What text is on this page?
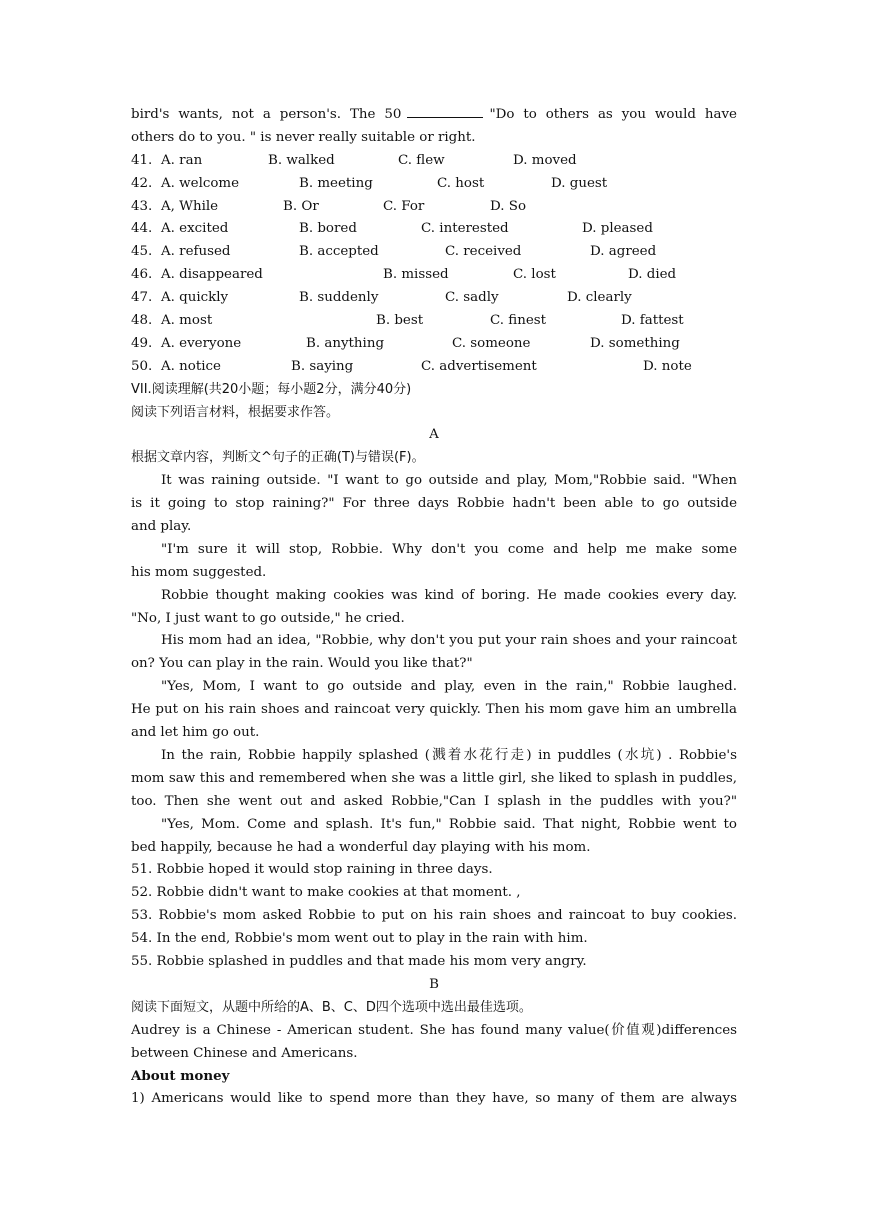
bird's wants, not a person's. The 50	"Do to others as you would have
others do to you. " is never really suitable or right.
41. A. ran	B. walked	C. flew	D. moved
42. A. welcome	B. meeting	C. host	D. guest
43. A, While	B. Or	C. For	D. So
44. A. excited	B. bored	C. interested	D. pleased
45. A. refused	B. accepted	C. received	D. agreed
46. A. disappeared	B. missed	C. lost	D. died
47. A. quickly	B. suddenly	C. sadly	D. clearly
48. A. most	B. best	C. finest	D. fattest
49. A. everyone	B. anything	C. someone	D. something
50. A. notice	B. saying	C. advertisement	D. note
VII.阅读理解(共20小题；每小题2分，满分40分)
阅读下列语言材料，根据要求作答。
A
根据文章内容，判断文^句子的正确(T)与错误(F)。
It was raining outside. "I want to go outside and play, Mom,"Robbie said. "When
is it going to stop raining?" For three days Robbie hadn't been able to go outside
and play.
"I'm sure it will stop, Robbie. Why don't you come and help me make some
his mom suggested.
Robbie thought making cookies was kind of boring. He made cookies every day.
"No, I just want to go outside," he cried.
His mom had an idea, "Robbie, why don't you put your rain shoes and your raincoat
on? You can play in the rain. Would you like that?"
"Yes, Mom, I want to go outside and play, even in the rain," Robbie laughed.
He put on his rain shoes and raincoat very quickly. Then his mom gave him an umbrella
and let him go out.
In the rain, Robbie happily splashed (溅着水花行走) in puddles (水坑) . Robbie's
mom saw this and remembered when she was a little girl, she liked to splash in puddles,
too. Then she went out and asked Robbie,"Can I splash in the puddles with you?"
"Yes, Mom. Come and splash. It's fun," Robbie said. That night, Robbie went to
bed happily, because he had a wonderful day playing with his mom.
51. Robbie hoped it would stop raining in three days.
52. Robbie didn't want to make cookies at that moment. ,
53. Robbie's mom asked Robbie to put on his rain shoes and raincoat to buy cookies.
54. In the end, Robbie's mom went out to play in the rain with him.
55. Robbie splashed in puddles and that made his mom very angry.
B
阅读下面短文，从题中所给的A、B、C、D四个选项中选出最佳选项。
Audrey is a Chinese - American student. She has found many value(价值观)differences
between Chinese and Americans.
About money
1) Americans would like to spend more than they have, so many of them are always
